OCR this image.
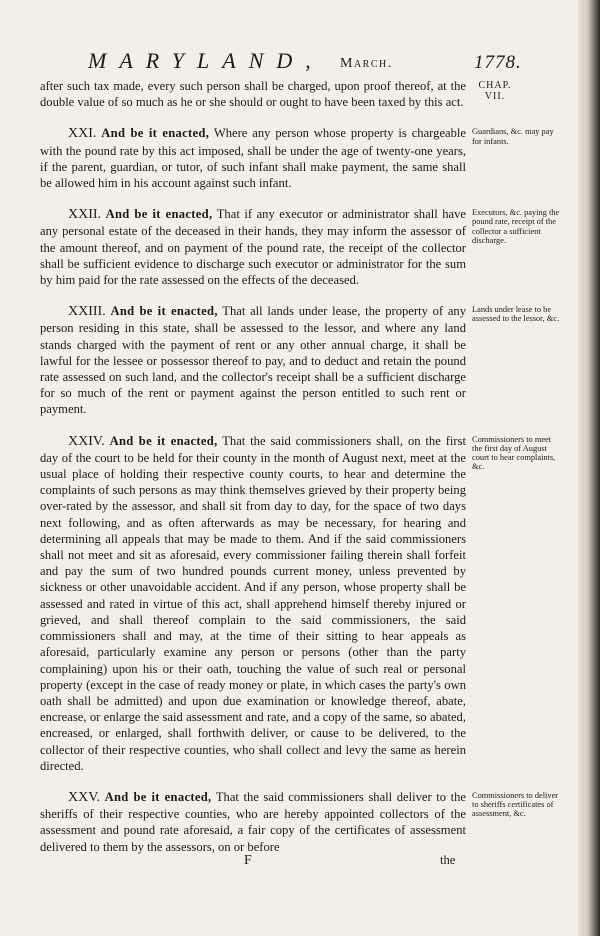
MARYLAND, March.	1778.
after such tax made, every such person shall be charged, upon proof thereof, at the double value of so much as he or she should or ought to have been taxed by this act.
CHAP.
VII.
XXI. And be it enacted, Where any person whose property is chargeable with the pound rate by this act imposed, shall be under the age of twenty-one years, if the parent, guardian, or tutor, of such infant shall make payment, the same shall be allowed him in his account against such infant.
Guardians, &c. may pay for infants.
XXII. And be it enacted, That if any executor or administrator shall have any personal estate of the deceased in their hands, they may inform the assessor of the amount thereof, and on payment of the pound rate, the receipt of the collector shall be sufficient evidence to discharge such executor or administrator for the sum by him paid for the rate assessed on the effects of the deceased.
Executors, &c. paying the pound rate, receipt of the collector a sufficient discharge.
XXIII. And be it enacted, That all lands under lease, the property of any person residing in this state, shall be assessed to the lessor, and where any land stands charged with the payment of rent or any other annual charge, it shall be lawful for the lessee or possessor thereof to pay, and to deduct and retain the pound rate assessed on such land, and the collector's receipt shall be a sufficient discharge for so much of the rent or payment against the person entitled to such rent or payment.
Lands under lease to be assessed to the lessor, &c.
XXIV. And be it enacted, That the said commissioners shall, on the first day of the court to be held for their county in the month of August next, meet at the usual place of holding their respective county courts, to hear and determine the complaints of such persons as may think themselves grieved by their property being over-rated by the assessor, and shall sit from day to day, for the space of two days next following, and as often afterwards as may be necessary, for hearing and determining all appeals that may be made to them. And if the said commissioners shall not meet and sit as aforesaid, every commissioner failing therein shall forfeit and pay the sum of two hundred pounds current money, unless prevented by sickness or other unavoidable accident. And if any person, whose property shall be assessed and rated in virtue of this act, shall apprehend himself thereby injured or grieved, and shall thereof complain to the said commissioners, the said commissioners shall and may, at the time of their sitting to hear appeals as aforesaid, particularly examine any person or persons (other than the party complaining) upon his or their oath, touching the value of such real or personal property (except in the case of ready money or plate, in which cases the party's own oath shall be admitted) and upon due examination or knowledge thereof, abate, encrease, or enlarge the said assessment and rate, and a copy of the same, so abated, encreased, or enlarged, shall forthwith deliver, or cause to be delivered, to the collector of their respective counties, who shall collect and levy the same as herein directed.
Commissioners to meet the first day of August court to hear complaints, &c.
XXV. And be it enacted, That the said commissioners shall deliver to the sheriffs of their respective counties, who are hereby appointed collectors of the assessment and pound rate aforesaid, a fair copy of the certificates of assessment delivered to them by the assessors, on or before
Commissioners to deliver to sheriffs certificates of assessment, &c.
F	the
